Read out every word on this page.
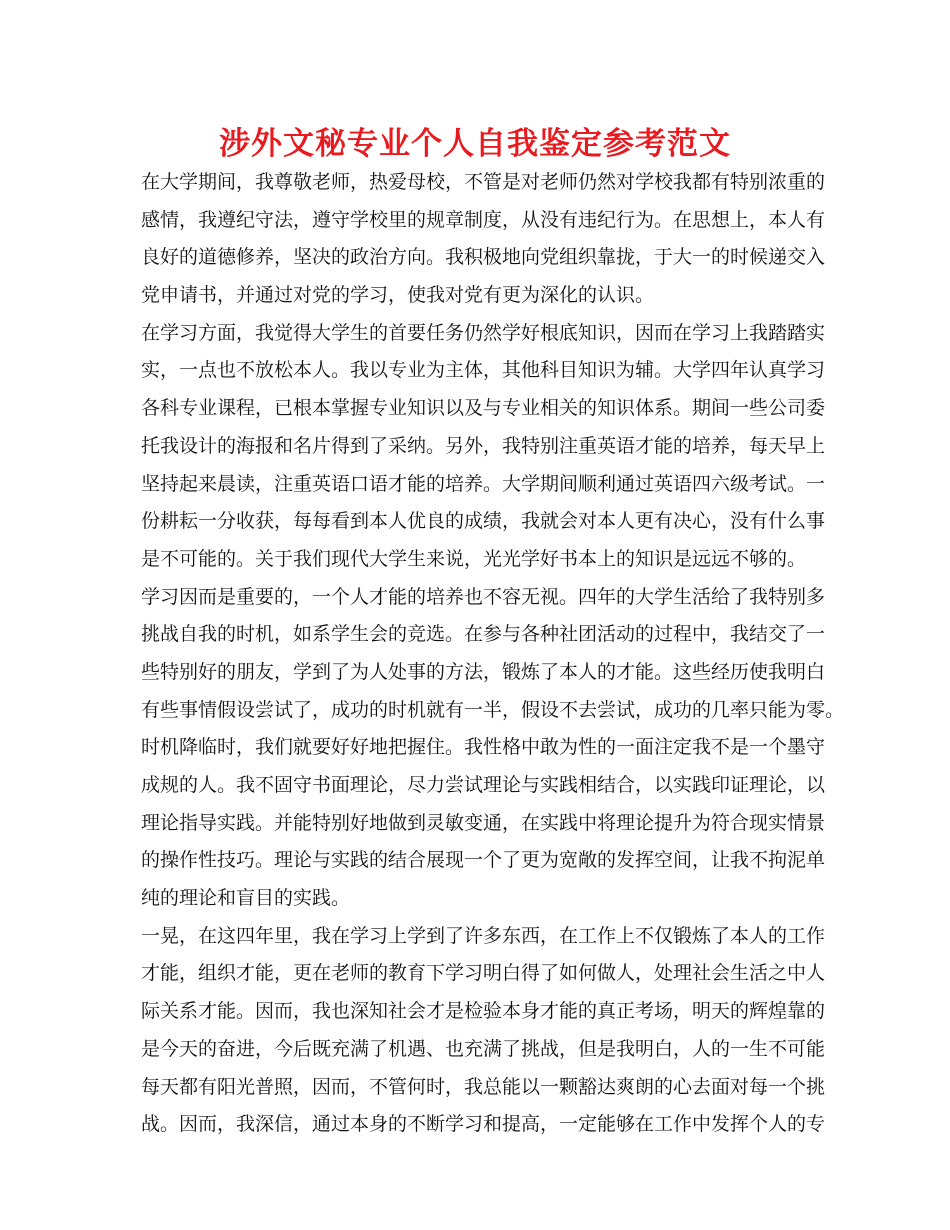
涉外文秘专业个人自我鉴定参考范文
在大学期间，我尊敬老师，热爱母校，不管是对老师仍然对学校我都有特别浓重的
感情，我遵纪守法，遵守学校里的规章制度，从没有违纪行为。在思想上，本人有
良好的道德修养，坚决的政治方向。我积极地向党组织靠拢，于大一的时候递交入
党申请书，并通过对党的学习，使我对党有更为深化的认识。
在学习方面，我觉得大学生的首要任务仍然学好根底知识，因而在学习上我踏踏实
实，一点也不放松本人。我以专业为主体，其他科目知识为辅。大学四年认真学习
各科专业课程，已根本掌握专业知识以及与专业相关的知识体系。期间一些公司委
托我设计的海报和名片得到了采纳。另外，我特别注重英语才能的培养，每天早上
坚持起来晨读，注重英语口语才能的培养。大学期间顺利通过英语四六级考试。一
份耕耘一分收获，每每看到本人优良的成绩，我就会对本人更有决心，没有什么事
是不可能的。关于我们现代大学生来说，光光学好书本上的知识是远远不够的。
学习因而是重要的，一个人才能的培养也不容无视。四年的大学生活给了我特别多
挑战自我的时机，如系学生会的竞选。在参与各种社团活动的过程中，我结交了一
些特别好的朋友，学到了为人处事的方法，锻炼了本人的才能。这些经历使我明白
有些事情假设尝试了，成功的时机就有一半，假设不去尝试，成功的几率只能为零。
时机降临时，我们就要好好地把握住。我性格中敢为性的一面注定我不是一个墨守
成规的人。我不固守书面理论，尽力尝试理论与实践相结合，以实践印证理论，以
理论指导实践。并能特别好地做到灵敏变通，在实践中将理论提升为符合现实情景
的操作性技巧。理论与实践的结合展现一个了更为宽敞的发挥空间，让我不拘泥单
纯的理论和盲目的实践。
一晃，在这四年里，我在学习上学到了许多东西，在工作上不仅锻炼了本人的工作
才能，组织才能，更在老师的教育下学习明白得了如何做人，处理社会生活之中人
际关系才能。因而，我也深知社会才是检验本身才能的真正考场，明天的辉煌靠的
是今天的奋进，今后既充满了机遇、也充满了挑战，但是我明白，人的一生不可能
每天都有阳光普照，因而，不管何时，我总能以一颗豁达爽朗的心去面对每一个挑
战。因而，我深信，通过本身的不断学习和提高，一定能够在工作中发挥个人的专
